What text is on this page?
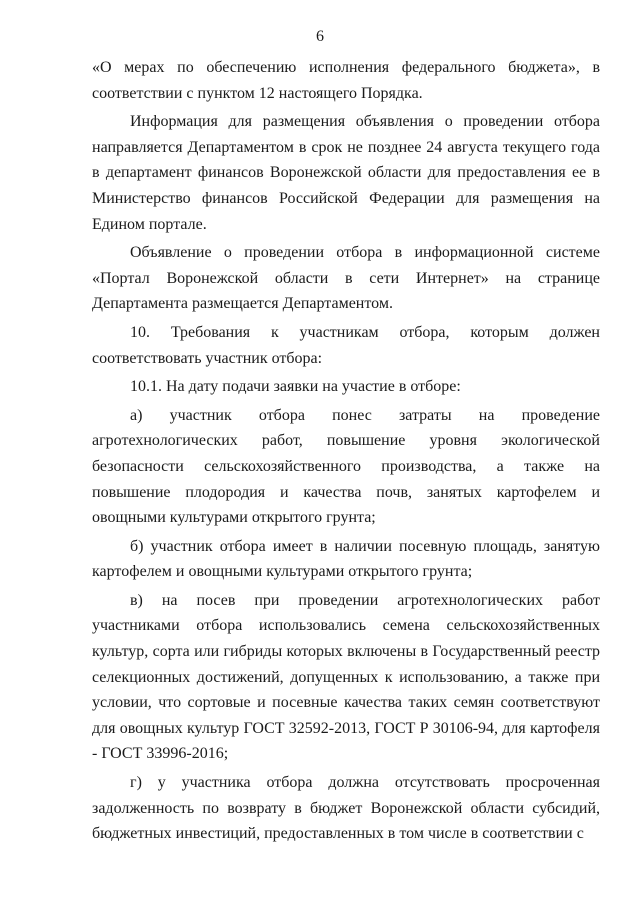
6

«О мерах по обеспечению исполнения федерального бюджета», в соответствии с пунктом 12 настоящего Порядка.

Информация для размещения объявления о проведении отбора направляется Департаментом в срок не позднее 24 августа текущего года в департамент финансов Воронежской области для предоставления ее в Министерство финансов Российской Федерации для размещения на Едином портале.

Объявление о проведении отбора в информационной системе «Портал Воронежской области в сети Интернет» на странице Департамента размещается Департаментом.

10. Требования к участникам отбора, которым должен соответствовать участник отбора:

10.1. На дату подачи заявки на участие в отборе:

а) участник отбора понес затраты на проведение агротехнологических работ, повышение уровня экологической безопасности сельскохозяйственного производства, а также на повышение плодородия и качества почв, занятых картофелем и овощными культурами открытого грунта;

б) участник отбора имеет в наличии посевную площадь, занятую картофелем и овощными культурами открытого грунта;

в) на посев при проведении агротехнологических работ участниками отбора использовались семена сельскохозяйственных культур, сорта или гибриды которых включены в Государственный реестр селекционных достижений, допущенных к использованию, а также при условии, что сортовые и посевные качества таких семян соответствуют для овощных культур ГОСТ 32592-2013, ГОСТ Р 30106-94, для картофеля - ГОСТ 33996-2016;

г) у участника отбора должна отсутствовать просроченная задолженность по возврату в бюджет Воронежской области субсидий, бюджетных инвестиций, предоставленных в том числе в соответствии с
